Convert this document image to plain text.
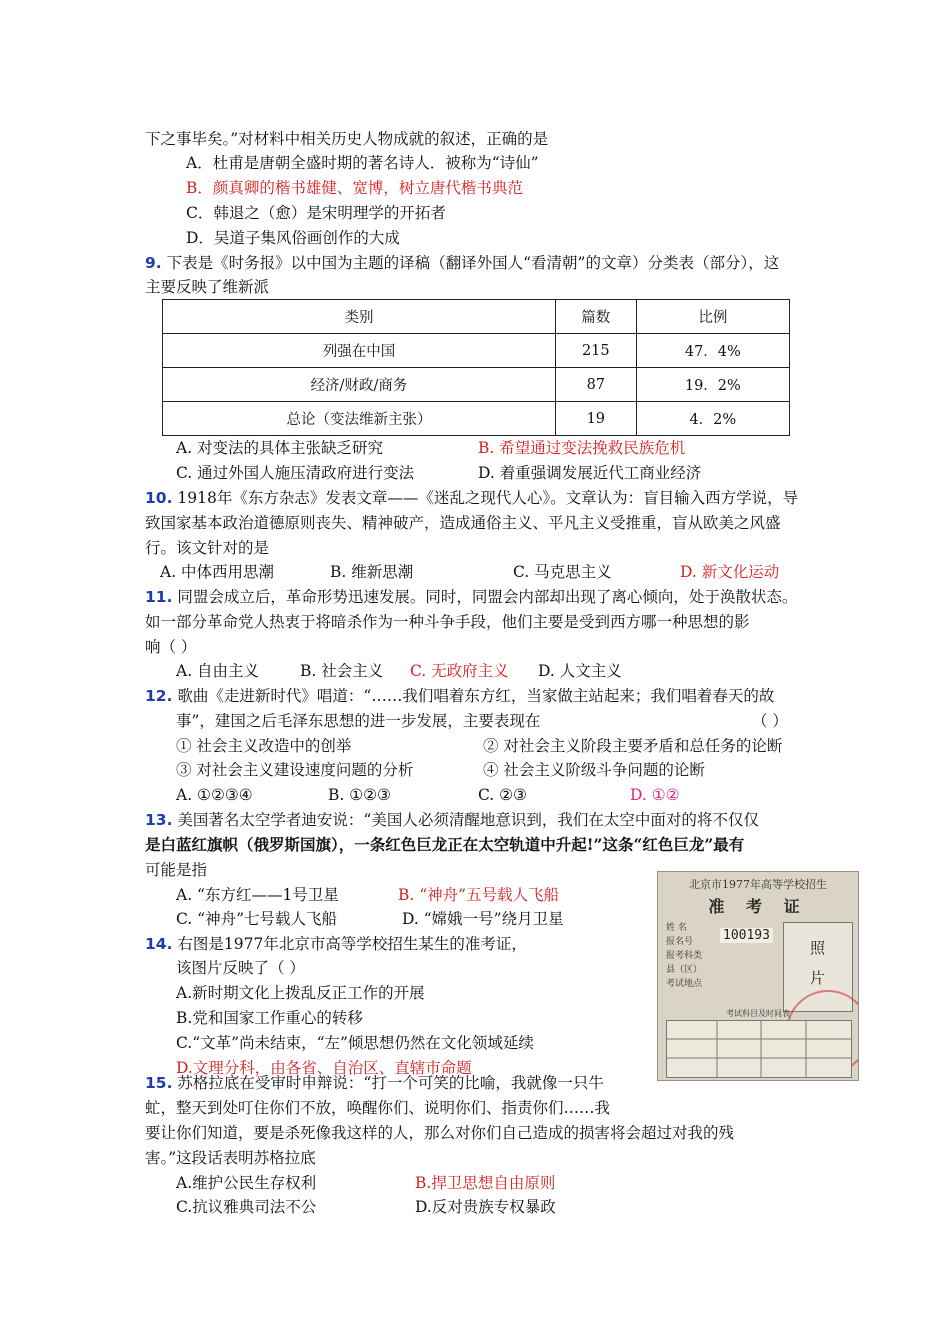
下之事毕矣。”对材料中相关历史人物成就的叙述，正确的是
A．杜甫是唐朝全盛时期的著名诗人．被称为“诗仙”
B．颜真卿的楷书雄健、宽博，树立唐代楷书典范
C．韩退之（愈）是宋明理学的开拓者
D．吴道子集风俗画创作的大成
9. 下表是《时务报》以中国为主题的译稿（翻译外国人“看清朝”的文章）分类表（部分），这
主要反映了维新派
类别	篇数	比例
列强在中国	215	47．4%
经济/财政/商务	87	19．2%
总论（变法维新主张）	19	4．2%
A. 对变法的具体主张缺乏研究	B. 希望通过变法挽救民族危机
C. 通过外国人施压清政府进行变法	D. 着重强调发展近代工商业经济
10. 1918年《东方杂志》发表文章——《迷乱之现代人心》。文章认为：盲目输入西方学说，导
致国家基本政治道德原则丧失、精神破产，造成通俗主义、平凡主义受推重，盲从欧美之风盛
行。该文针对的是
A. 中体西用思潮	B. 维新思潮	C. 马克思主义	D. 新文化运动
11. 同盟会成立后，革命形势迅速发展。同时，同盟会内部却出现了离心倾向，处于涣散状态。
如一部分革命党人热衷于将暗杀作为一种斗争手段，他们主要是受到西方哪一种思想的影
响（ ）
A. 自由主义	B. 社会主义 C. 无政府主义 D. 人文主义
12. 歌曲《走进新时代》唱道：“……我们唱着东方红，当家做主站起来；我们唱着春天的故
事”，建国之后毛泽东思想的进一步发展，主要表现在	（ ）
① 社会主义改造中的创举	② 对社会主义阶段主要矛盾和总任务的论断
③ 对社会主义建设速度问题的分析	④ 社会主义阶级斗争问题的论断
A. ①②③④	B. ①②③	C. ②③	D. ①②
13. 美国著名太空学者迪安说：“美国人必须清醒地意识到，我们在太空中面对的将不仅仅
是白蓝红旗帜（俄罗斯国旗），一条红色巨龙正在太空轨道中升起!”这条“红色巨龙”最有
可能是指
A. “东方红——1号卫星	B. “神舟”五号载人飞船
C. “神舟”七号载人飞船	D. “嫦娥一号”绕月卫星
14. 右图是1977年北京市高等学校招生某生的准考证，
该图片反映了（ ）
A.新时期文化上拨乱反正工作的开展
B.党和国家工作重心的转移
C.“文革”尚未结束，“左”倾思想仍然在文化领域延续
D.文理分科，由各省、自治区、直辖市命题
北京市1977年高等学校招生
准 考 证
姓 名
报名号
报考科类
县（区）
考试地点
100193
照
片
考试科目及时间表
15. 苏格拉底在受审时申辩说：“打一个可笑的比喻，我就像一只牛
虻，整天到处叮住你们不放，唤醒你们、说明你们、指责你们……我
要让你们知道，要是杀死像我这样的人，那么对你们自己造成的损害将会超过对我的残
害。”这段话表明苏格拉底
A.维护公民生存权利	B.捍卫思想自由原则
C.抗议雅典司法不公	D.反对贵族专权暴政
